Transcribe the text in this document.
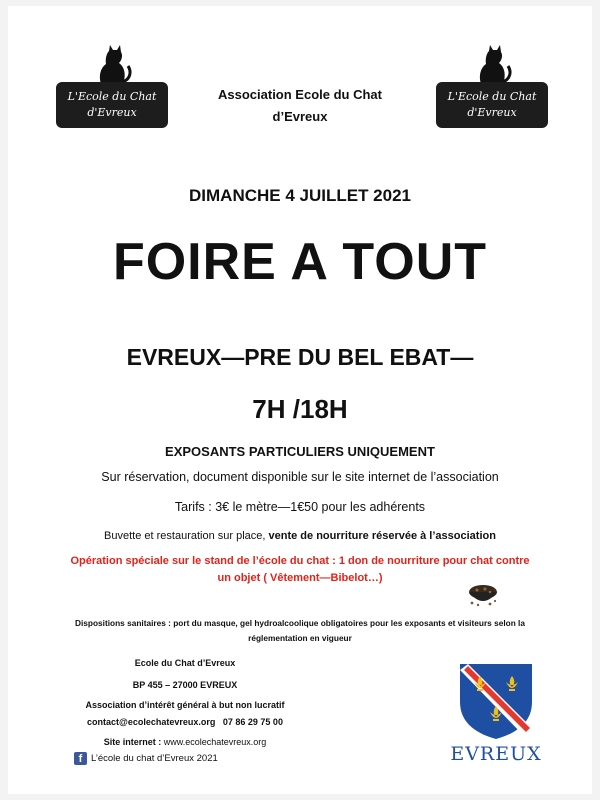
L'Ecole du Chat
d'Evreux
L'Ecole du Chat
d'Evreux
Association Ecole du Chat d’Evreux
DIMANCHE 4 JUILLET 2021
FOIRE A TOUT
EVREUX—PRE DU BEL EBAT—
7H /18H
EXPOSANTS PARTICULIERS UNIQUEMENT
Sur réservation, document disponible sur le site internet de l’association
Tarifs : 3€ le mètre—1€50 pour les adhérents
Buvette et restauration sur place, vente de nourriture réservée à l’association
Opération spéciale sur le stand de l’école du chat : 1 don de nourriture pour chat contre
un objet ( Vêtement—Bibelot…)
Dispositions sanitaires : port du masque, gel hydroalcoolique obligatoires pour les exposants et visiteurs selon la
réglementation en vigueur
Ecole du Chat d’Evreux
BP 455 – 27000 EVREUX
Association d’intérêt général à but non lucratif
contact@ecolechatevreux.org 07 86 29 75 00
Site internet : www.ecolechatevreux.org
f L’école du chat d’Evreux 2021	EVREUX
